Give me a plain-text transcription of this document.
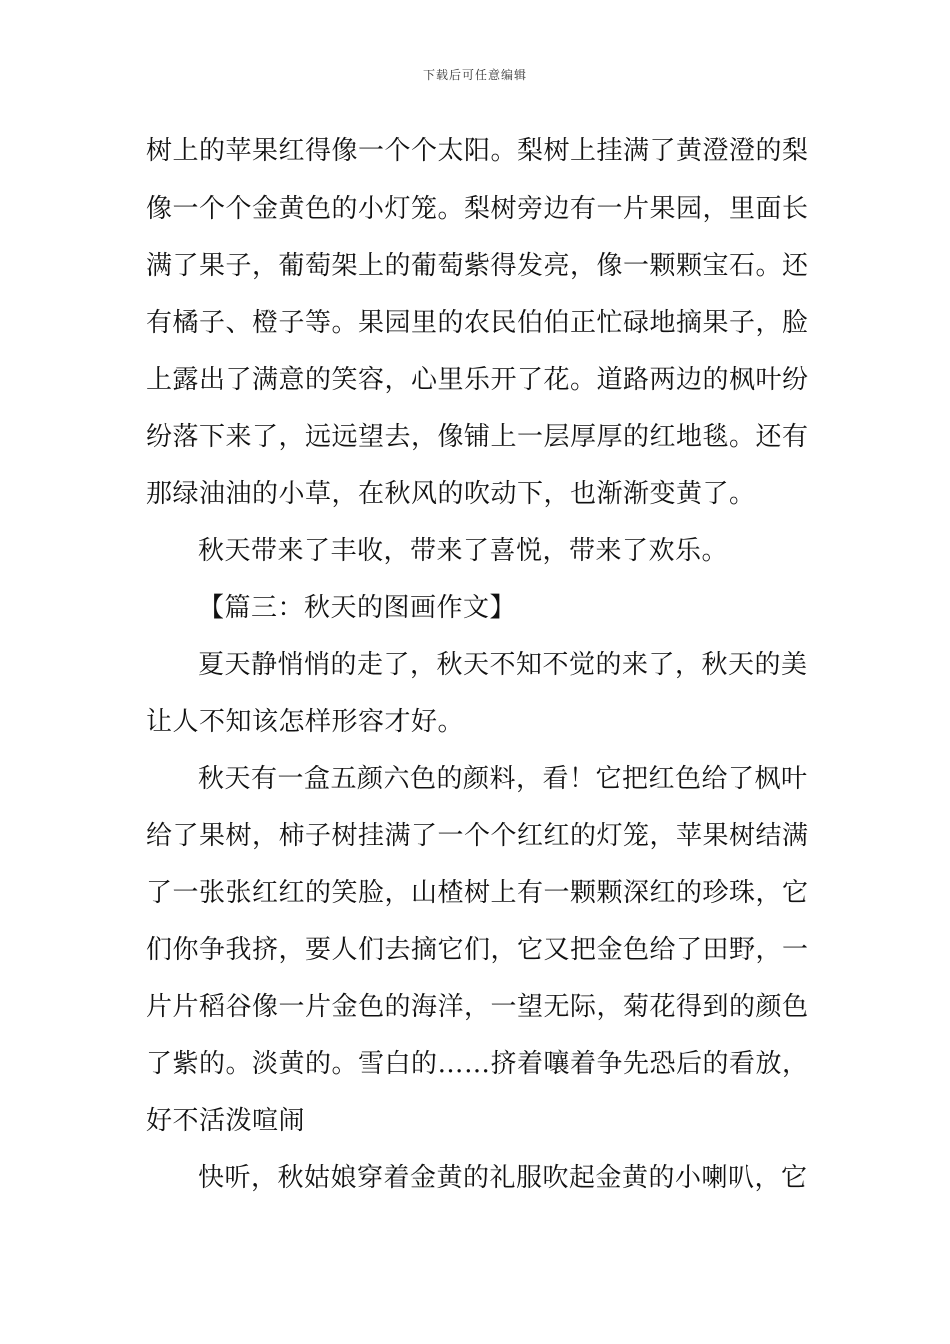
下载后可任意编辑
树上的苹果红得像一个个太阳。梨树上挂满了黄澄澄的梨
像一个个金黄色的小灯笼。梨树旁边有一片果园，里面长
满了果子，葡萄架上的葡萄紫得发亮，像一颗颗宝石。还
有橘子、橙子等。果园里的农民伯伯正忙碌地摘果子，脸
上露出了满意的笑容，心里乐开了花。道路两边的枫叶纷
纷落下来了，远远望去，像铺上一层厚厚的红地毯。还有
那绿油油的小草，在秋风的吹动下，也渐渐变黄了。
秋天带来了丰收，带来了喜悦，带来了欢乐。
【篇三：秋天的图画作文】
夏天静悄悄的走了，秋天不知不觉的来了，秋天的美
让人不知该怎样形容才好。
秋天有一盒五颜六色的颜料，看！它把红色给了枫叶
给了果树，柿子树挂满了一个个红红的灯笼，苹果树结满
了一张张红红的笑脸，山楂树上有一颗颗深红的珍珠，它
们你争我挤，要人们去摘它们，它又把金色给了田野，一
片片稻谷像一片金色的海洋，一望无际，菊花得到的颜色
了紫的。淡黄的。雪白的……挤着嚷着争先恐后的看放，
好不活泼喧闹
快听，秋姑娘穿着金黄的礼服吹起金黄的小喇叭，它
